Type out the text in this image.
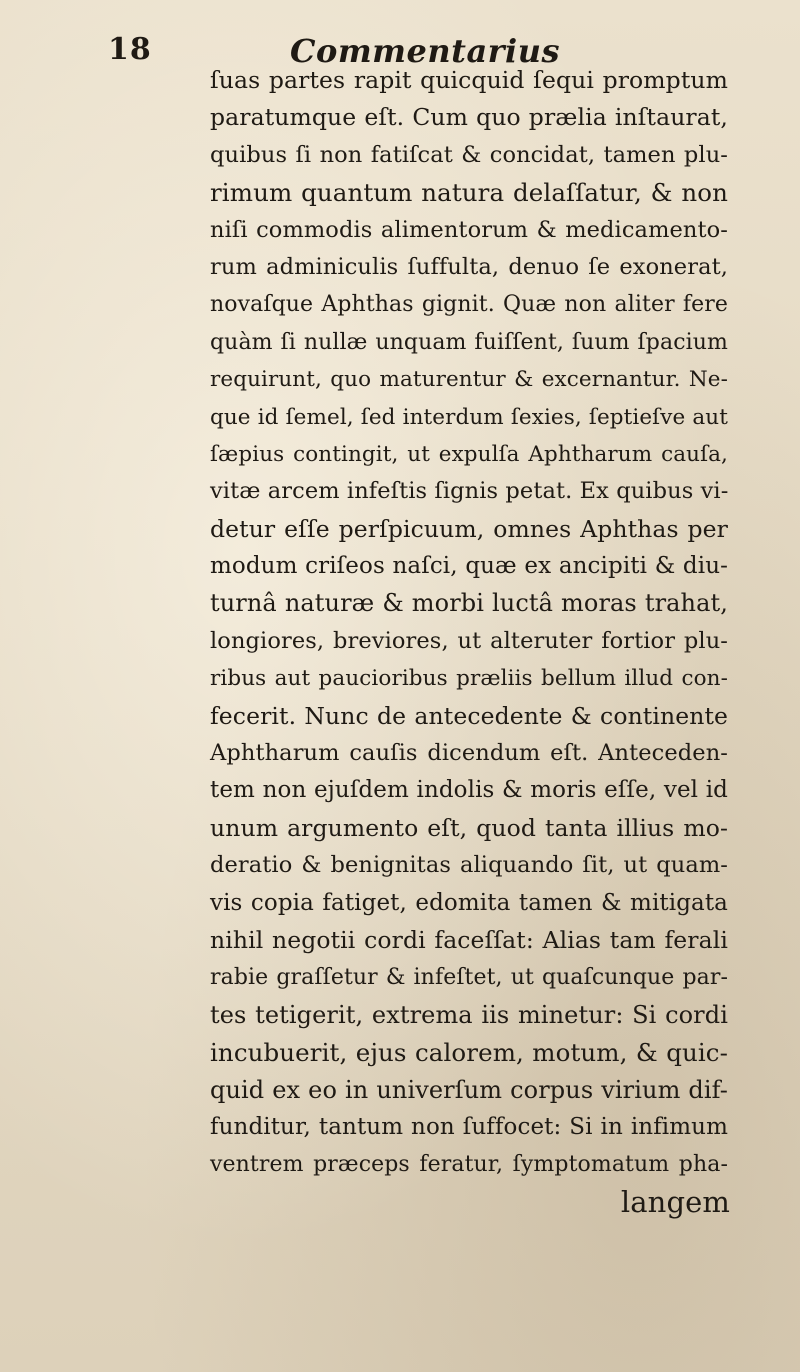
18	Commentarius
ſuas partes rapit quicquid ſequi promptum
paratumque eſt. Cum quo prælia inſtaurat,
quibus ſi non fatiſcat & concidat, tamen plu-
rimum quantum natura delaſſatur, & non
niſi commodis alimentorum & medicamento-
rum adminiculis ſuffulta, denuo ſe exonerat,
novaſque Aphthas gignit. Quæ non aliter fere
quàm ſi nullæ unquam fuiſſent, ſuum ſpacium
requirunt, quo maturentur & excernantur. Ne-
que id ſemel, ſed interdum ſexies, ſeptieſve aut
ſæpius contingit, ut expulſa Aphtharum cauſa,
vitæ arcem infeſtis ſignis petat. Ex quibus vi-
detur eſſe perſpicuum, omnes Aphthas per
modum criſeos naſci, quæ ex ancipiti & diu-
turnâ naturæ & morbi luctâ moras trahat,
longiores, breviores, ut alteruter fortior plu-
ribus aut paucioribus præliis bellum illud con-
fecerit. Nunc de antecedente & continente
Aphtharum cauſis dicendum eſt. Anteceden-
tem non ejuſdem indolis & moris eſſe, vel id
unum argumento eſt, quod tanta illius mo-
deratio & benignitas aliquando ſit, ut quam-
vis copia fatiget, edomita tamen & mitigata
nihil negotii cordi faceſſat: Alias tam ferali
rabie graſſetur & infeſtet, ut quaſcunque par-
tes tetigerit, extrema iis minetur: Si cordi
incubuerit, ejus calorem, motum, & quic-
quid ex eo in univerſum corpus virium dif-
funditur, tantum non ſuffocet: Si in infimum
ventrem præceps feratur, ſymptomatum pha-
langem
